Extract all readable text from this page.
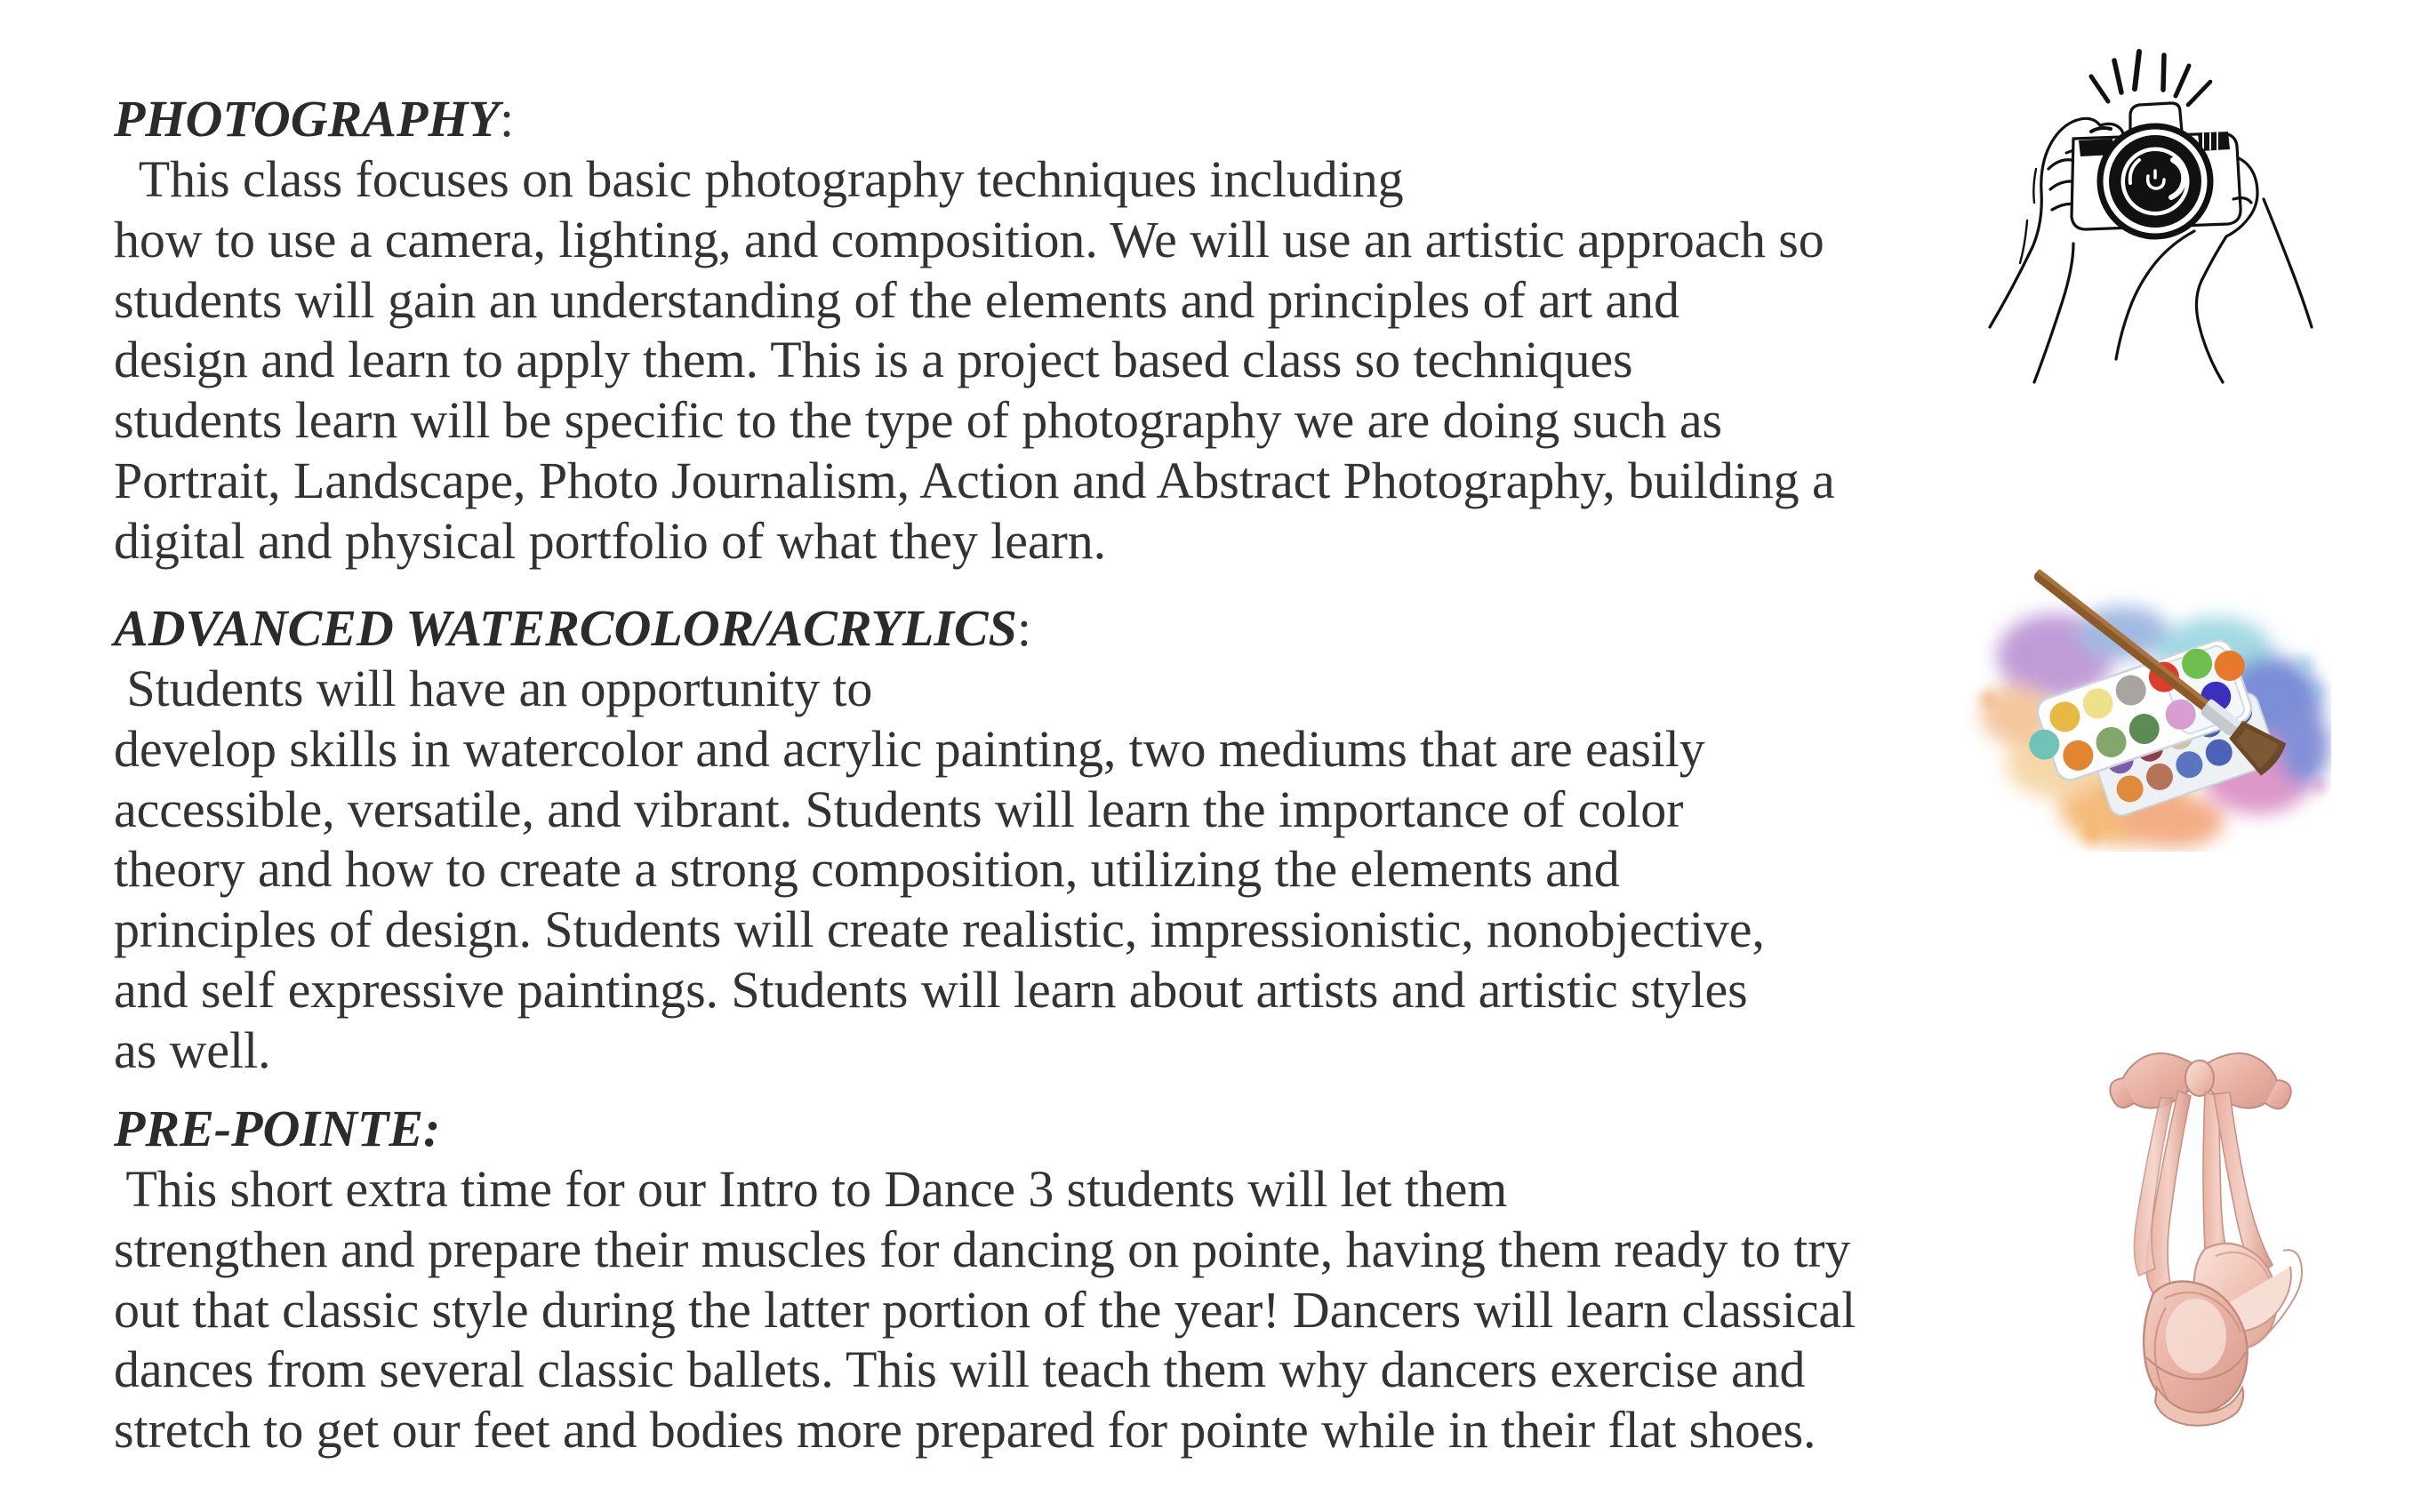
PHOTOGRAPHY:
This class focuses on basic photography techniques including
how to use a camera, lighting, and composition. We will use an artistic approach so
students will gain an understanding of the elements and principles of art and
design and learn to apply them. This is a project based class so techniques
students learn will be specific to the type of photography we are doing such as
Portrait, Landscape, Photo Journalism, Action and Abstract Photography, building a
digital and physical portfolio of what they learn.

ADVANCED WATERCOLOR/ACRYLICS:
Students will have an opportunity to
develop skills in watercolor and acrylic painting, two mediums that are easily
accessible, versatile, and vibrant. Students will learn the importance of color
theory and how to create a strong composition, utilizing the elements and
principles of design. Students will create realistic, impressionistic, nonobjective,
and self expressive paintings. Students will learn about artists and artistic styles
as well.

PRE-POINTE:
This short extra time for our Intro to Dance 3 students will let them
strengthen and prepare their muscles for dancing on pointe, having them ready to try
out that classic style during the latter portion of the year! Dancers will learn classical
dances from several classic ballets. This will teach them why dancers exercise and
stretch to get our feet and bodies more prepared for pointe while in their flat shoes.
